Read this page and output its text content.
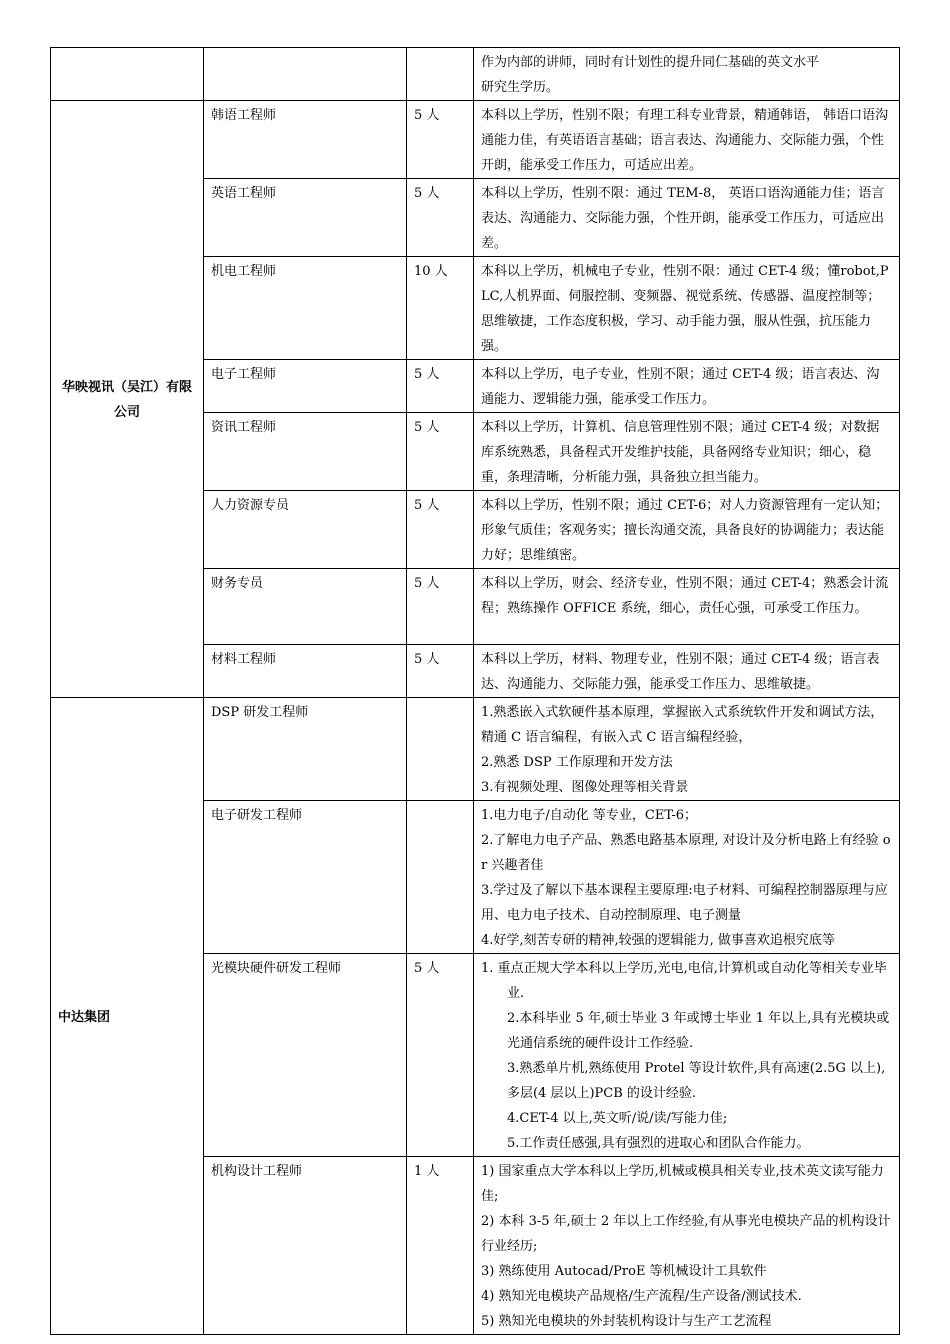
			作为内部的讲师，同时有计划性的提升同仁基础的英文水平
研究生学历。

华映视讯（吴江）有限公司	韩语工程师	5 人	本科以上学历，性别不限；有理工科专业背景，精通韩语， 韩语口语沟通能力佳，有英语语言基础；语言表达、沟通能力、交际能力强，个性开朗，能承受工作压力，可适应出差。

	英语工程师	5 人	本科以上学历，性别不限：通过 TEM-8， 英语口语沟通能力佳；语言表达、沟通能力、交际能力强，个性开朗，能承受工作压力，可适应出差。

	机电工程师	10 人	本科以上学历，机械电子专业，性别不限：通过 CET-4 级；懂robot,PLC,人机界面、伺服控制、变频器、视觉系统、传感器、温度控制等；思维敏捷，工作态度积极，学习、动手能力强，服从性强，抗压能力强。

	电子工程师	5 人	本科以上学历，电子专业，性别不限；通过 CET-4 级；语言表达、沟通能力、逻辑能力强，能承受工作压力。

	资讯工程师	5 人	本科以上学历，计算机、信息管理性别不限；通过 CET-4 级；对数据库系统熟悉，具备程式开发维护技能，具备网络专业知识；细心，稳重，条理清晰，分析能力强，具备独立担当能力。

	人力资源专员	5 人	本科以上学历，性别不限；通过 CET-6；对人力资源管理有一定认知；形象气质佳；客观务实；擅长沟通交流，具备良好的协调能力；表达能力好；思维缜密。

	财务专员	5 人	本科以上学历，财会、经济专业，性别不限；通过 CET-4；熟悉会计流程；熟练操作 OFFICE 系统，细心，责任心强，可承受工作压力。

	材料工程师	5 人	本科以上学历，材料、物理专业，性别不限；通过 CET-4 级；语言表达、沟通能力、交际能力强，能承受工作压力、思维敏捷。

中达集团	DSP 研发工程师		1.熟悉嵌入式软硬件基本原理，掌握嵌入式系统软件开发和调试方法，精通 C 语言编程，有嵌入式 C 语言编程经验，
2.熟悉 DSP 工作原理和开发方法
3.有视频处理、图像处理等相关背景

	电子研发工程师		1.电力电子/自动化 等专业，CET-6；
2.了解电力电子产品、熟悉电路基本原理, 对设计及分析电路上有经验 or 兴趣者佳
3.学过及了解以下基本课程主要原理:电子材料、可编程控制器原理与应用、电力电子技术、自动控制原理、电子测量
4.好学,刻苦专研的精神,较强的逻辑能力, 做事喜欢追根究底等

	光模块硬件研发工程师	5 人	1. 重点正规大学本科以上学历,光电,电信,计算机或自动化等相关专业毕业.
2.本科毕业 5 年,硕士毕业 3 年或博士毕业 1 年以上,具有光模块或光通信系统的硬件设计工作经验.
3.熟悉单片机,熟练使用 Protel 等设计软件,具有高速(2.5G 以上),多层(4 层以上)PCB 的设计经验.
4.CET-4 以上,英文听/说/读/写能力佳;
5.工作责任感强,具有强烈的进取心和团队合作能力。

	机构设计工程师	1 人	1) 国家重点大学本科以上学历,机械或模具相关专业,技术英文读写能力佳;
2) 本科 3-5 年,硕士 2 年以上工作经验,有从事光电模块产品的机构设计行业经历;
3) 熟练使用 Autocad/ProE 等机械设计工具软件
4) 熟知光电模块产品规格/生产流程/生产设备/测试技术.
5) 熟知光电模块的外封装机构设计与生产工艺流程
